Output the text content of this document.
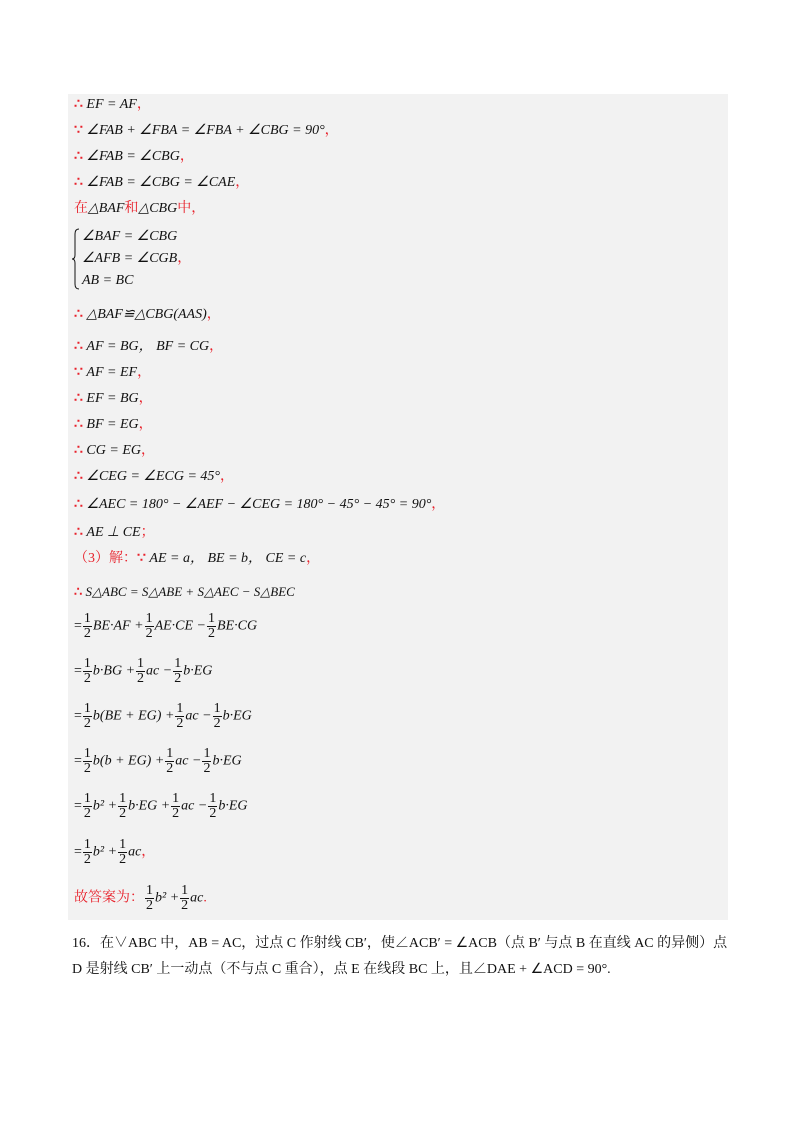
∴ EF = AF，
∵ ∠FAB + ∠FBA = ∠FBA + ∠CBG = 90°，
∴ ∠FAB = ∠CBG，
∴ ∠FAB = ∠CBG = ∠CAE，
在△BAF和△CBG中，
∠BAF = ∠CBG
∠AFB = ∠CGB，
AB = BC
∴ △BAF≌△CBG(AAS)，
∴ AF = BG， BF = CG，
∵ AF = EF，
∴ EF = BG，
∴ BF = EG，
∴ CG = EG，
∴ ∠CEG = ∠ECG = 45°，
∴ ∠AEC = 180° − ∠AEF − ∠CEG = 180° − 45° − 45° = 90°，
∴ AE ⊥ CE；
（3）解：∵ AE = a， BE = b， CE = c，
∴ S△ABC = S△ABE + S△AEC − S△BEC
= $\frac{1}{2} BE\cdot AF + \frac{1}{2} AE\cdot CE - \frac{1}{2} BE\cdot CG$
= $\frac{1}{2} b\cdot BG + \frac{1}{2}$ ac − $\frac{1}{2} b\cdot EG$
= $\frac{1}{2} b(BE + EG) + \frac{1}{2}$ ac − $\frac{1}{2} b\cdot EG$
= $\frac{1}{2} b(b + EG) + \frac{1}{2}$ ac − $\frac{1}{2} b\cdot EG$
= $\frac{1}{2} b^2 + \frac{1}{2} b\cdot EG + \frac{1}{2}$ ac − $\frac{1}{2} b\cdot EG$
= $\frac{1}{2} b^2 + \frac{1}{2}$ ac，
故答案为： $\frac{1}{2} b^2 + \frac{1}{2}$ ac.
16．在∨ABC 中，AB = AC，过点 C 作射线 CB′，使∠ACB′ = ∠ACB（点 B′ 与点 B 在直线 AC 的异侧）点
D 是射线 CB′ 上一动点（不与点 C 重合），点 E 在线段 BC 上，且∠DAE + ∠ACD = 90°.
